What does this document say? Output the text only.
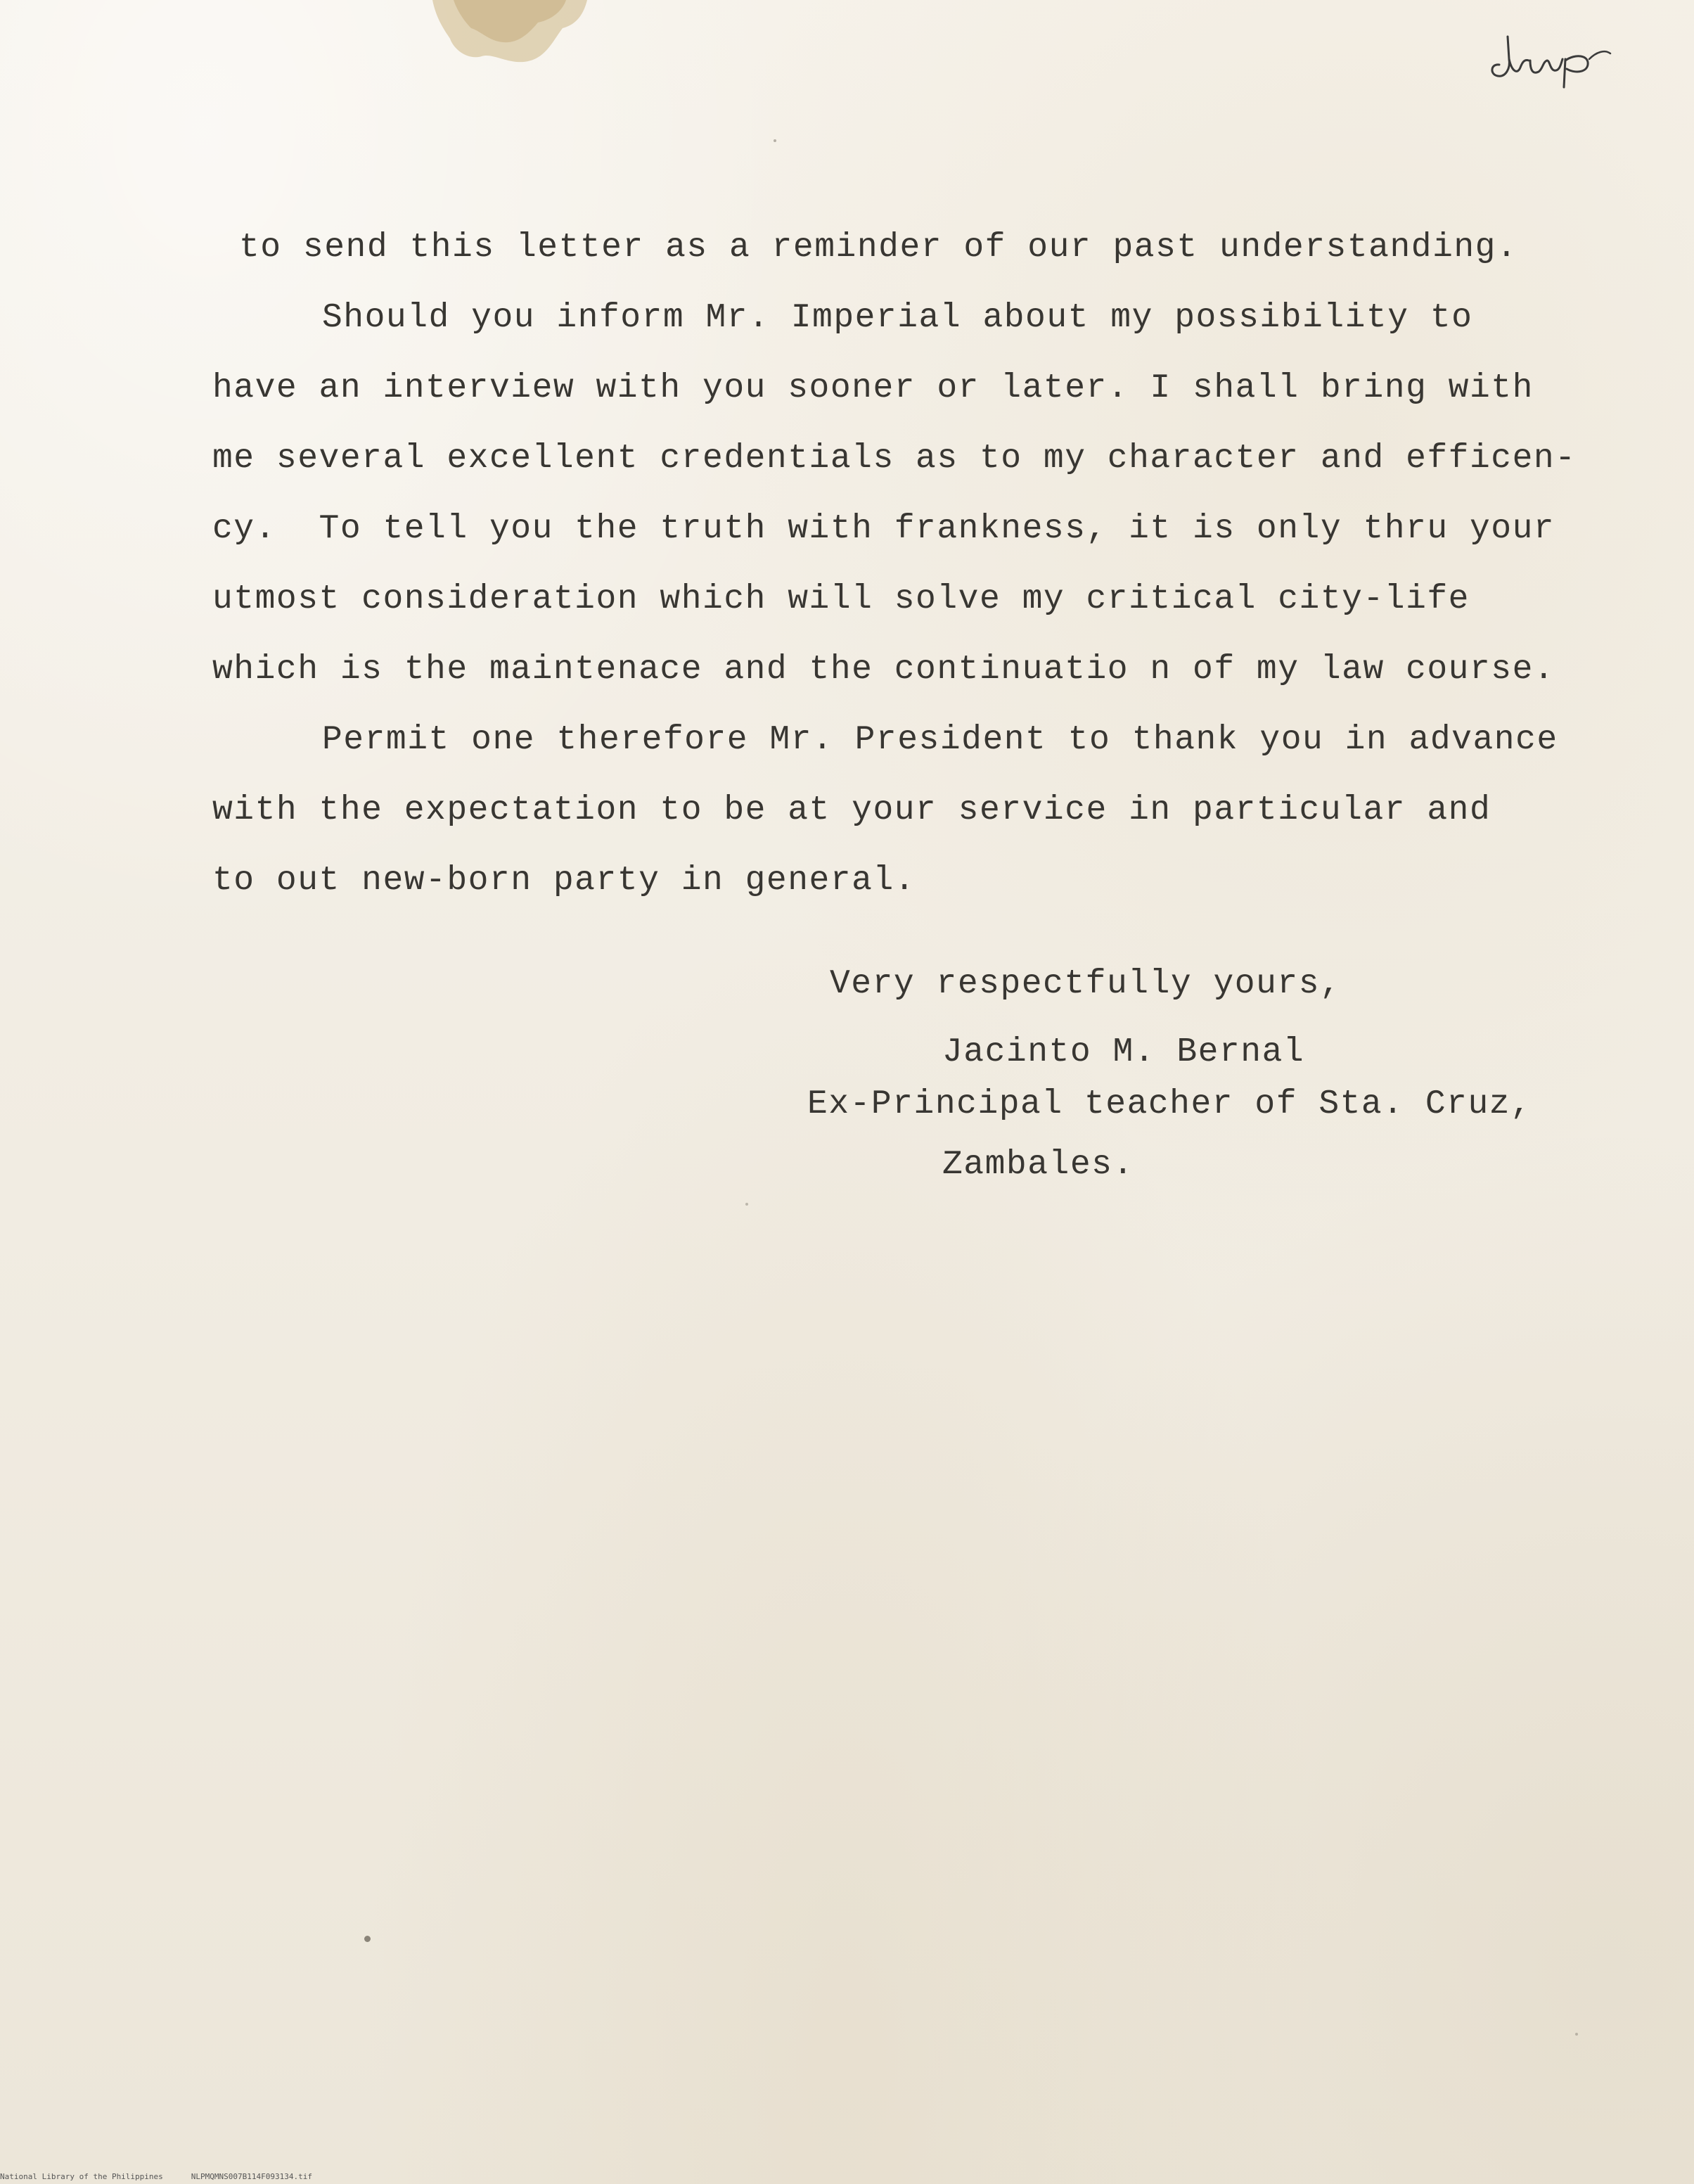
to send this letter as a reminder of our past understanding.
Should you inform Mr. Imperial about my possibility to
have an interview with you sooner or later. I shall bring with
me several excellent credentials as to my character and efficen-
cy.  To tell you the truth with frankness, it is only thru your
utmost consideration which will solve my critical city-life
which is the maintenace and the continuatio n of my law course.
Permit one therefore Mr. President to thank you in advance
with the expectation to be at your service in particular and
to out new-born party in general.
Very respectfully yours,
Jacinto M. Bernal
Ex-Principal teacher of Sta. Cruz,
Zambales.
National Library of the Philippines	NLPMQMNS007B114F093134.tif
